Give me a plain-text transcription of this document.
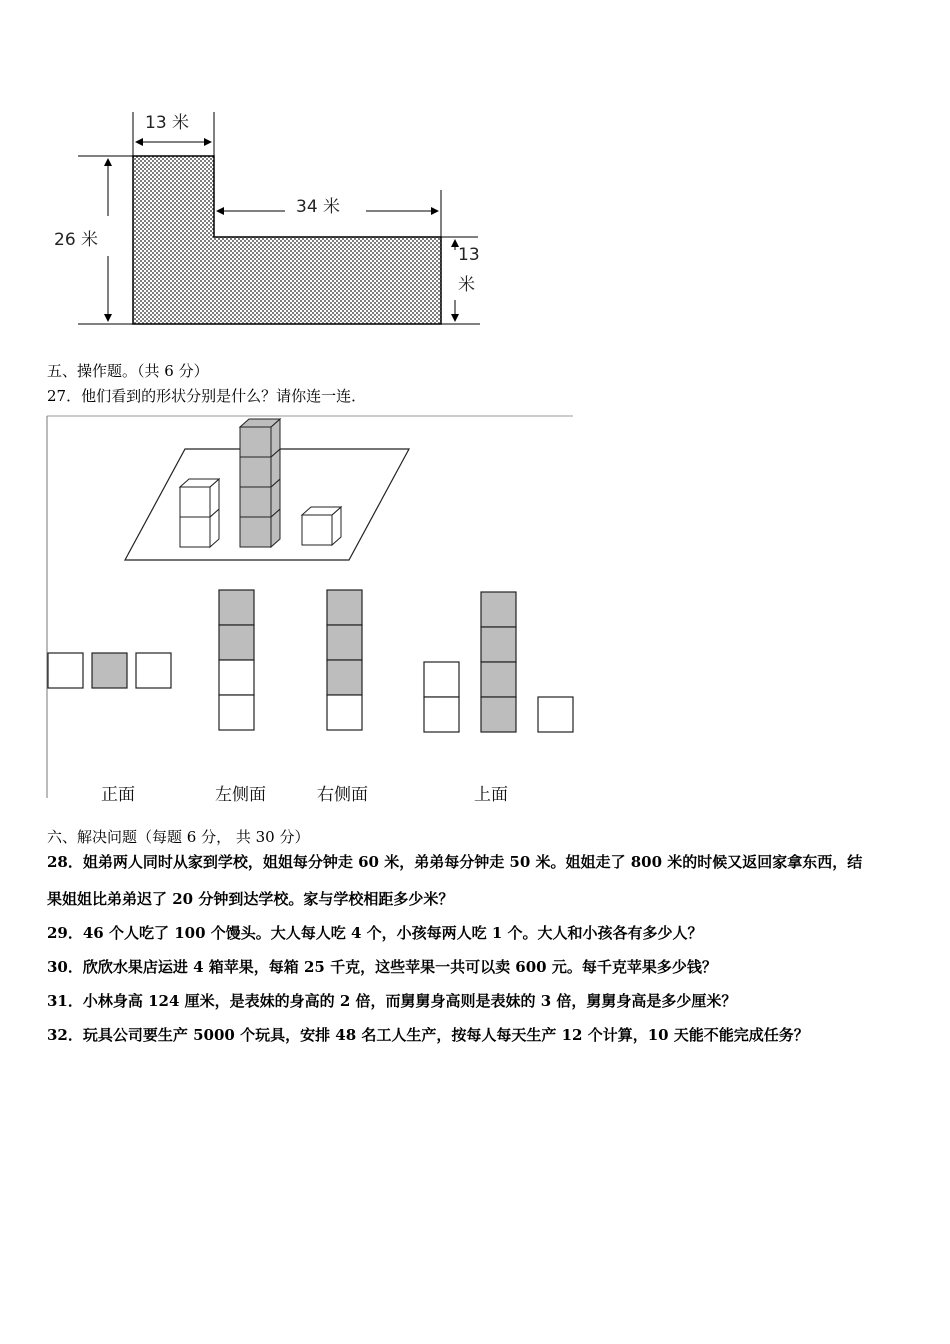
13 米
34 米
26 米
13
米
五、操作题。（共 6 分）
27．他们看到的形状分别是什么？请你连一连．
正面	左侧面	右侧面	上面
六、解决问题（每题 6 分， 共 30 分）
28．姐弟两人同时从家到学校，姐姐每分钟走 60 米，弟弟每分钟走 50 米。姐姐走了 800 米的时候又返回家拿东西，结
果姐姐比弟弟迟了 20 分钟到达学校。家与学校相距多少米？
29．46 个人吃了 100 个馒头。大人每人吃 4 个，小孩每两人吃 1 个。大人和小孩各有多少人？
30．欣欣水果店运进 4 箱苹果，每箱 25 千克，这些苹果一共可以卖 600 元。每千克苹果多少钱？
31．小林身高 124 厘米，是表妹的身高的 2 倍，而舅舅身高则是表妹的 3 倍，舅舅身高是多少厘米？
32．玩具公司要生产 5000 个玩具，安排 48 名工人生产，按每人每天生产 12 个计算，10 天能不能完成任务？
